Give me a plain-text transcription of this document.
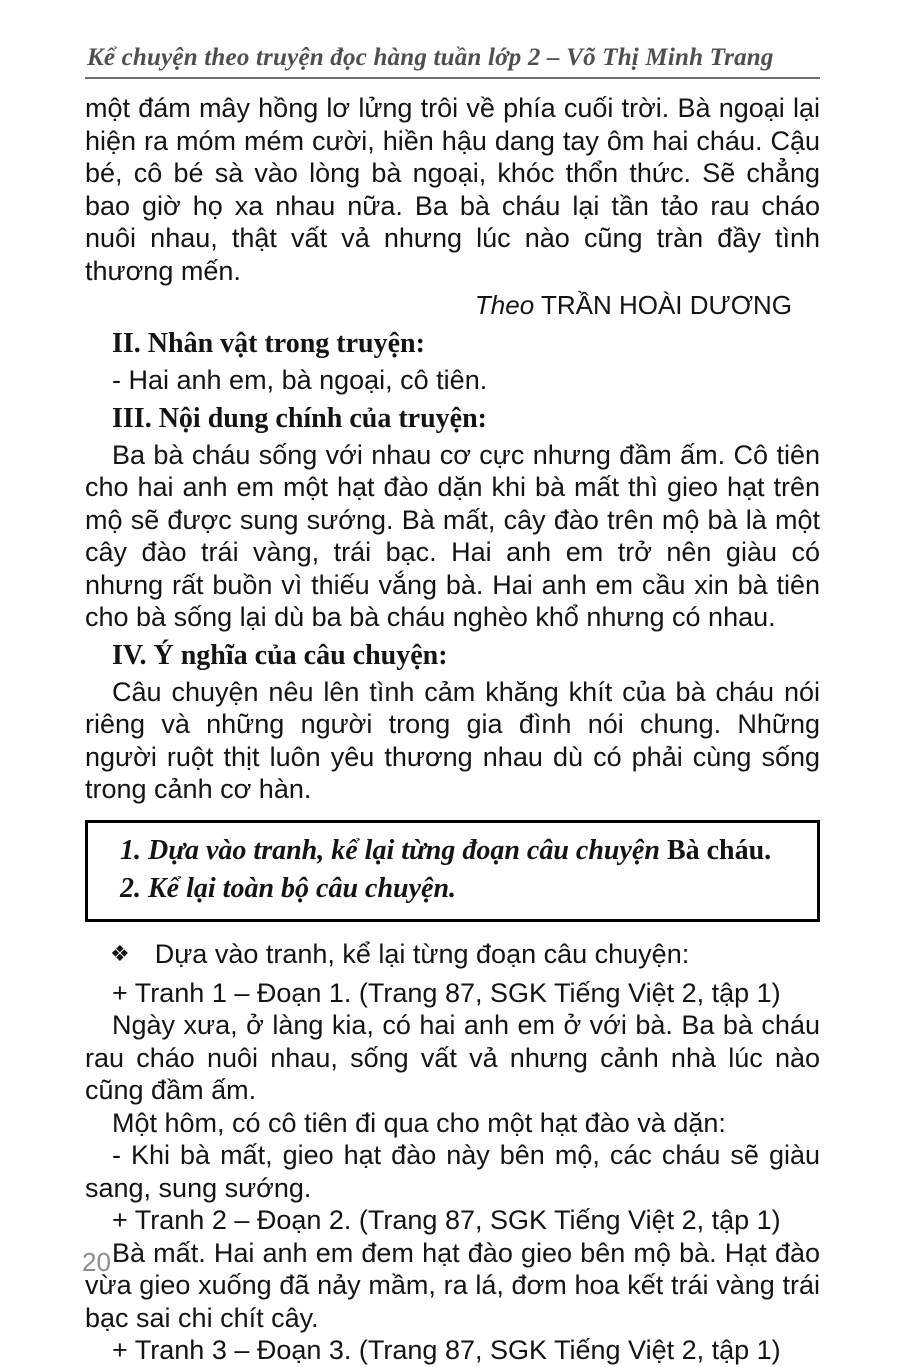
Kể chuyện theo truyện đọc hàng tuần lớp 2 – Võ Thị Minh Trang

một đám mây hồng lơ lửng trôi về phía cuối trời. Bà ngoại lại hiện ra móm mém cười, hiền hậu dang tay ôm hai cháu. Cậu bé, cô bé sà vào lòng bà ngoại, khóc thổn thức. Sẽ chẳng bao giờ họ xa nhau nữa. Ba bà cháu lại tần tảo rau cháo nuôi nhau, thật vất vả nhưng lúc nào cũng tràn đầy tình thương mến.

Theo TRẦN HOÀI DƯƠNG

II. Nhân vật trong truyện:

- Hai anh em, bà ngoại, cô tiên.

III. Nội dung chính của truyện:

Ba bà cháu sống với nhau cơ cực nhưng đầm ấm. Cô tiên cho hai anh em một hạt đào dặn khi bà mất thì gieo hạt trên mộ sẽ được sung sướng. Bà mất, cây đào trên mộ bà là một cây đào trái vàng, trái bạc. Hai anh em trở nên giàu có nhưng rất buồn vì thiếu vắng bà. Hai anh em cầu xin bà tiên cho bà sống lại dù ba bà cháu nghèo khổ nhưng có nhau.

IV. Ý nghĩa của câu chuyện:

Câu chuyện nêu lên tình cảm khăng khít của bà cháu nói riêng và những người trong gia đình nói chung. Những người ruột thịt luôn yêu thương nhau dù có phải cùng sống trong cảnh cơ hàn.

1. Dựa vào tranh, kể lại từng đoạn câu chuyện Bà cháu.

2. Kể lại toàn bộ câu chuyện.

❖ Dựa vào tranh, kể lại từng đoạn câu chuyện:

+ Tranh 1 – Đoạn 1. (Trang 87, SGK Tiếng Việt 2, tập 1)

Ngày xưa, ở làng kia, có hai anh em ở với bà. Ba bà cháu rau cháo nuôi nhau, sống vất vả nhưng cảnh nhà lúc nào cũng đầm ấm.

Một hôm, có cô tiên đi qua cho một hạt đào và dặn:

- Khi bà mất, gieo hạt đào này bên mộ, các cháu sẽ giàu sang, sung sướng.

+ Tranh 2 – Đoạn 2. (Trang 87, SGK Tiếng Việt 2, tập 1)

Bà mất. Hai anh em đem hạt đào gieo bên mộ bà. Hạt đào vừa gieo xuống đã nảy mầm, ra lá, đơm hoa kết trái vàng trái bạc sai chi chít cây.

+ Tranh 3 – Đoạn 3. (Trang 87, SGK Tiếng Việt 2, tập 1)

20
